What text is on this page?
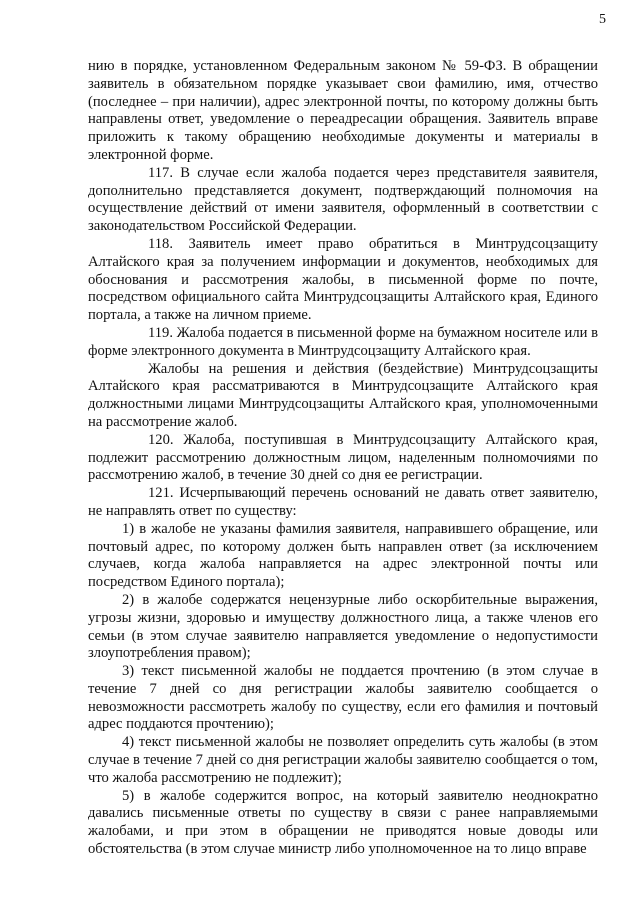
5

нию в порядке, установленном Федеральным законом № 59-ФЗ. В обращении заявитель в обязательном порядке указывает свои фамилию, имя, отчество (последнее – при наличии), адрес электронной почты, по которому должны быть направлены ответ, уведомление о переадресации обращения. Заявитель вправе приложить к такому обращению необходимые документы и материалы в электронной форме.

117. В случае если жалоба подается через представителя заявителя, дополнительно представляется документ, подтверждающий полномочия на осуществление действий от имени заявителя, оформленный в соответствии с законодательством Российской Федерации.

118. Заявитель имеет право обратиться в Минтрудсоцзащиту Алтайского края за получением информации и документов, необходимых для обоснования и рассмотрения жалобы, в письменной форме по почте, посредством официального сайта Минтрудсоцзащиты Алтайского края, Единого портала, а также на личном приеме.

119. Жалоба подается в письменной форме на бумажном носителе или в форме электронного документа в Минтрудсоцзащиту Алтайского края.

Жалобы на решения и действия (бездействие) Минтрудсоцзащиты Алтайского края рассматриваются в Минтрудсоцзащите Алтайского края должностными лицами Минтрудсоцзащиты Алтайского края, уполномоченными на рассмотрение жалоб.

120. Жалоба, поступившая в Минтрудсоцзащиту Алтайского края, подлежит рассмотрению должностным лицом, наделенным полномочиями по рассмотрению жалоб, в течение 30 дней со дня ее регистрации.

121. Исчерпывающий перечень оснований не давать ответ заявителю, не направлять ответ по существу:

1) в жалобе не указаны фамилия заявителя, направившего обращение, или почтовый адрес, по которому должен быть направлен ответ (за исключением случаев, когда жалоба направляется на адрес электронной почты или посредством Единого портала);

2) в жалобе содержатся нецензурные либо оскорбительные выражения, угрозы жизни, здоровью и имуществу должностного лица, а также членов его семьи (в этом случае заявителю направляется уведомление о недопустимости злоупотребления правом);

3) текст письменной жалобы не поддается прочтению (в этом случае в течение 7 дней со дня регистрации жалобы заявителю сообщается о невозможности рассмотреть жалобу по существу, если его фамилия и почтовый адрес поддаются прочтению);

4) текст письменной жалобы не позволяет определить суть жалобы (в этом случае в течение 7 дней со дня регистрации жалобы заявителю сообщается о том, что жалоба рассмотрению не подлежит);

5) в жалобе содержится вопрос, на который заявителю неоднократно давались письменные ответы по существу в связи с ранее направляемыми жалобами, и при этом в обращении не приводятся новые доводы или обстоятельства (в этом случае министр либо уполномоченное на то лицо вправе
